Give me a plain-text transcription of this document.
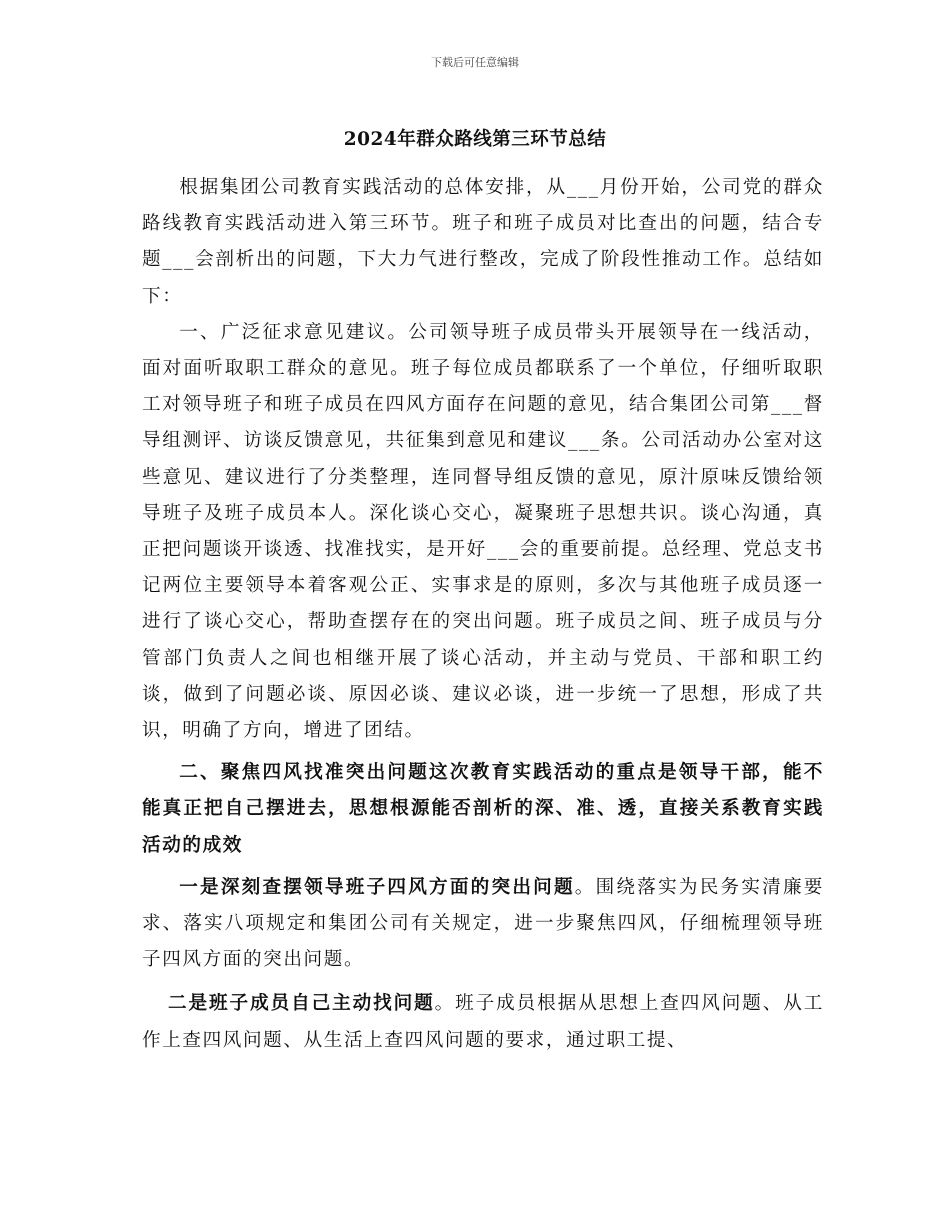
下载后可任意编辑
2024年群众路线第三环节总结

根据集团公司教育实践活动的总体安排，从___月份开始，公司党的群众路线教育实践活动进入第三环节。班子和班子成员对比查出的问题，结合专题___会剖析出的问题，下大力气进行整改，完成了阶段性推动工作。总结如下：

一、广泛征求意见建议。公司领导班子成员带头开展领导在一线活动，面对面听取职工群众的意见。班子每位成员都联系了一个单位，仔细听取职工对领导班子和班子成员在四风方面存在问题的意见，结合集团公司第___督导组测评、访谈反馈意见，共征集到意见和建议___条。公司活动办公室对这些意见、建议进行了分类整理，连同督导组反馈的意见，原汁原味反馈给领导班子及班子成员本人。深化谈心交心，凝聚班子思想共识。谈心沟通，真正把问题谈开谈透、找准找实，是开好___会的重要前提。总经理、党总支书记两位主要领导本着客观公正、实事求是的原则，多次与其他班子成员逐一进行了谈心交心，帮助查摆存在的突出问题。班子成员之间、班子成员与分管部门负责人之间也相继开展了谈心活动，并主动与党员、干部和职工约谈，做到了问题必谈、原因必谈、建议必谈，进一步统一了思想，形成了共识，明确了方向，增进了团结。

二、聚焦四风找准突出问题这次教育实践活动的重点是领导干部，能不能真正把自己摆进去，思想根源能否剖析的深、准、透，直接关系教育实践活动的成效

一是深刻查摆领导班子四风方面的突出问题。围绕落实为民务实清廉要求、落实八项规定和集团公司有关规定，进一步聚焦四风，仔细梳理领导班子四风方面的突出问题。

二是班子成员自己主动找问题。班子成员根据从思想上查四风问题、从工作上查四风问题、从生活上查四风问题的要求，通过职工提、
